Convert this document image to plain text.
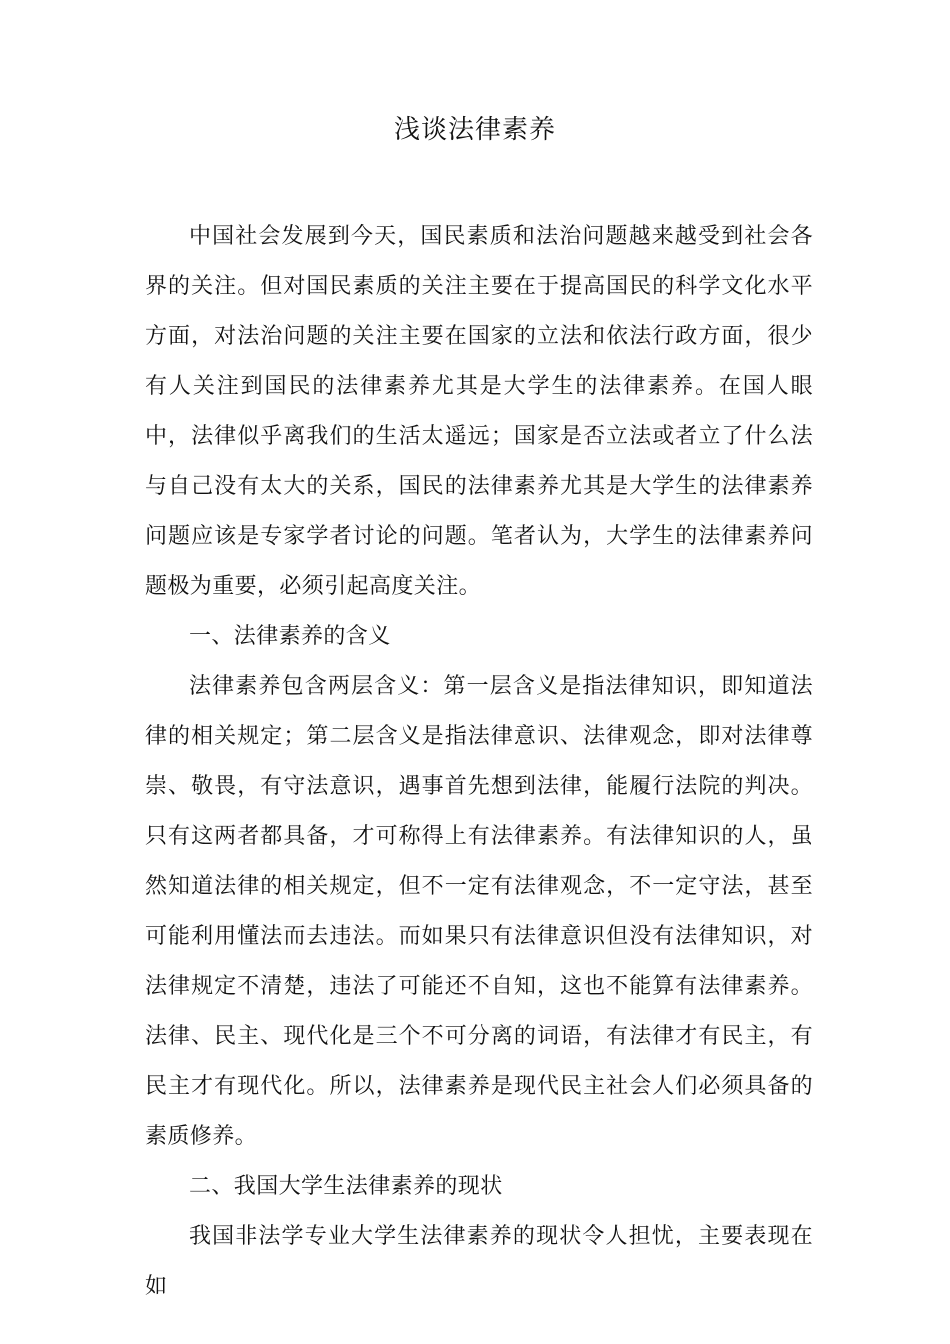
浅谈法律素养

中国社会发展到今天，国民素质和法治问题越来越受到社会各界的关注。但对国民素质的关注主要在于提高国民的科学文化水平方面，对法治问题的关注主要在国家的立法和依法行政方面，很少有人关注到国民的法律素养尤其是大学生的法律素养。在国人眼中，法律似乎离我们的生活太遥远；国家是否立法或者立了什么法与自己没有太大的关系，国民的法律素养尤其是大学生的法律素养问题应该是专家学者讨论的问题。笔者认为，大学生的法律素养问题极为重要，必须引起高度关注。

一、法律素养的含义

法律素养包含两层含义：第一层含义是指法律知识，即知道法律的相关规定；第二层含义是指法律意识、法律观念，即对法律尊崇、敬畏，有守法意识，遇事首先想到法律，能履行法院的判决。只有这两者都具备，才可称得上有法律素养。有法律知识的人，虽然知道法律的相关规定，但不一定有法律观念，不一定守法，甚至可能利用懂法而去违法。而如果只有法律意识但没有法律知识，对法律规定不清楚，违法了可能还不自知，这也不能算有法律素养。法律、民主、现代化是三个不可分离的词语，有法律才有民主，有民主才有现代化。所以，法律素养是现代民主社会人们必须具备的素质修养。

二、我国大学生法律素养的现状

我国非法学专业大学生法律素养的现状令人担忧，主要表现在如
